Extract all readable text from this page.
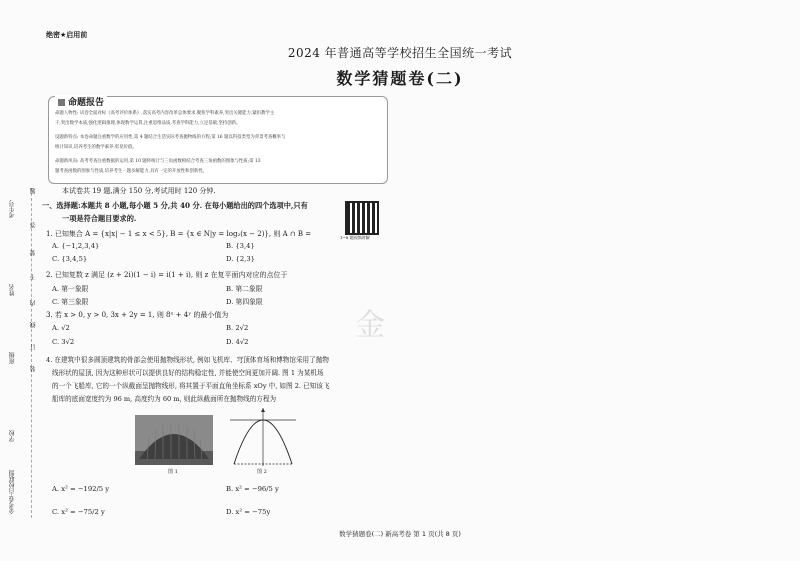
绝密★启用前
2024 年普通高等学校招生全国统一考试
数学猜题卷(二)
命题报告
命题人物性: 试卷全面对标《高考评价体系》,落实高考内容改革总体要求,聚焦学科素养,突出关键能力,紧扣教学主
干,突出数学本质,强化逻辑推理,体现数学运算,注重思维品质,考查学科能力,立足基础,坚持创新。
设题新特点: 本卷命题注重数学的应用性,第 4 题结合生活实际考查抛物线的方程;第 16 题以科技类型为背景考查概率与
统计知识,培养考生的数学素养,彰显价值。
命题新风向: 高考考查注重数据的运用,第 10 题将统计与三角函数相结合考查三角函数的图象与性质;第 13
题考查函数的图象与性质,培养考生一题多解能力,具有一定的开放性和创新性。
本试卷共 19 题,满分 150 分,考试用时 120 分钟.
一、选择题:本题共 8 小题,每小题 5 分,共 40 分. 在每小题给出的四个选项中,只有
一项是符合题目要求的.
1~8 题视频讲解
1. 已知集合 A = {x|x| − 1 ≤ x < 5}, B = {x ∈ N|y = log₂(x − 2)}, 则 A ∩ B =
A. {−1,2,3,4}	B. {3,4}
C. {3,4,5}	D. {2,3}
2. 已知复数 z 满足 (z + 2i)(1 − i) = i(1 + i), 则 z 在复平面内对应的点位于
A. 第一象限	B. 第二象限
C. 第三象限	D. 第四象限
3. 若 x > 0, y > 0, 3x + 2y = 1, 则 8ˣ + 4ʸ 的最小值为
A. √2	B. 2√2
C. 3√2	D. 4√2
4. 在建筑中很多圆顶建筑的骨部会使用抛物线形状, 例如飞机库、穹顶体育场和博物馆采用了抛物
线形状的屋顶, 因为这种形状可以提供良好的结构稳定性, 并能使空间更加开阔. 图 1 为某机场
的一个飞船库, 它的一个纵截面呈抛物线形, 将其置于平面直角坐标系 xOy 中, 如图 2. 已知该飞
船库的底面宽度约为 96 m, 高度约为 60 m, 则此纵截面所在抛物线的方程为
图 1	图 2
A. x² = −192/5 y	B. x² = −96/5 y
C. x² = −75/2 y	D. x² = −75y
数学猜题卷(二) 新高考卷 第 1 页(共 8 页)
考生号
姓名
班级
学校
金考卷·百校联盟
题
答
要
不
内
线
订
装
金
